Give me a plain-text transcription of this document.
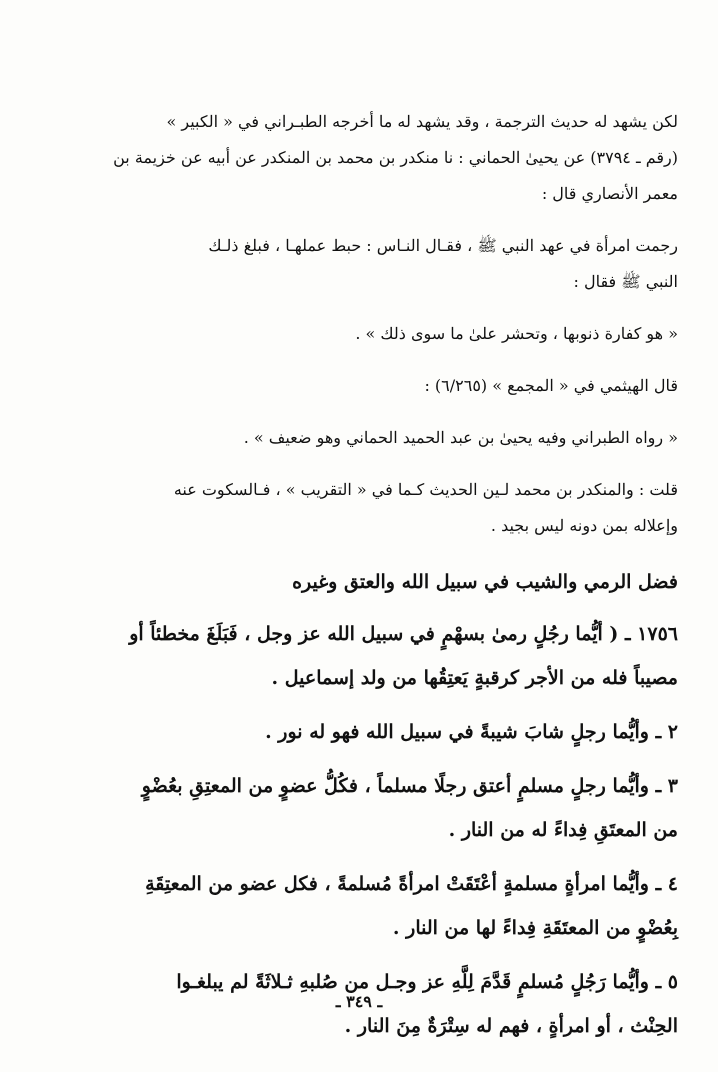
لكن يشهد له حديث الترجمة ، وقد يشهد له ما أخرجه الطبـراني في « الكبير »
(رقم ـ ٣٧٩٤) عن يحيىٰ الحماني : نا منكدر بن محمد بن المنكدر عن أبيه عن خزيمة بن
معمر الأنصاري قال :

رجمت امرأة في عهد النبي ﷺ ، فقـال النـاس : حبط عملهـا ، فبلغ ذلـك
النبي ﷺ فقال :

« هو كفارة ذنوبها ، وتحشر علىٰ ما سوى ذلك » .

قال الهيثمي في « المجمع » (٦/٢٦٥) :

« رواه الطبراني وفيه يحيىٰ بن عبد الحميد الحماني وهو ضعيف » .

قلت : والمنكدر بن محمد لـين الحديث كـما في « التقريب » ، فـالسكوت عنه
وإعلاله بمن دونه ليس بجيد .

فضل الرمي والشيب في سبيل الله والعتق وغيره

١٧٥٦ ـ ( أيُّما رجُلٍ رمىٰ بسهْمٍ في سبيل الله عز وجل ، فَبَلَغَ مخطئاً أو
مصيباً فله من الأجر كرقبةٍ يَعتِقُها من ولد إسماعيل .

٢ ـ وأيُّما رجلٍ شابَ شيبةً في سبيل الله فهو له نور .

٣ ـ وأيُّما رجلٍ مسلمٍ أعتق رجلًا مسلماً ، فكُلُّ عضوٍ من المعتِقِ بعُضْوٍ
من المعتَقِ فِداءً له من النار .

٤ ـ وأيُّما امرأةٍ مسلمةٍ أعْتَقَتْ امرأةً مُسلمةً ، فكل عضو من المعتِقَةِ
بِعُضْوٍ من المعتَقَةِ فِداءً لها من النار .

٥ ـ وأيُّما رَجُلٍ مُسلمٍ قَدَّمَ لِلَّهِ عز وجـل من صُلبهِ ثـلاثَةً لم يبلغـوا
الحِنْث ، أو امرأةٍ ، فهم له سِتْرَةٌ مِنَ النار .

ـ ٣٤٩ ـ
